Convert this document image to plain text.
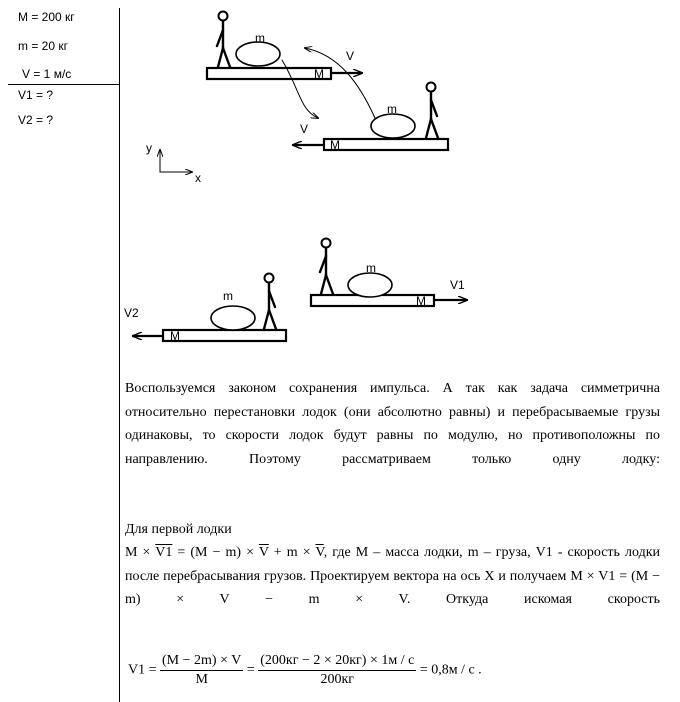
M = 200 кг
m = 20 кг
V = 1 м/с
V1 = ?
V2 = ?
M
m
V
M
m
V
y
x
M
m
V2
M
m
V1
Воспользуемся законом сохранения импульса. А так как задача симметрична относительно перестановки лодок (они абсолютно равны) и перебрасываемые грузы одинаковы, то скорости лодок будут равны по модулю, но противоположны по направлению. Поэтому рассматриваем только одну лодку:
Для первой лодки
$M \times V1 = (M - m) \times \overline{V} + m \times \overline{V}$, где M – масса лодки, m – груза, V1 - скорость лодки после перебрасывания грузов. Проектируем вектора на ось X и получаем M × V1 = (M − m) × V − m × V.	Откуда искомая скорость
$V1 = \frac{(M - 2m) \times V}{M} = \frac{(200кг - 2 \times 20кг) \times 1м / с}{200кг} = 0,8м / с$ .
